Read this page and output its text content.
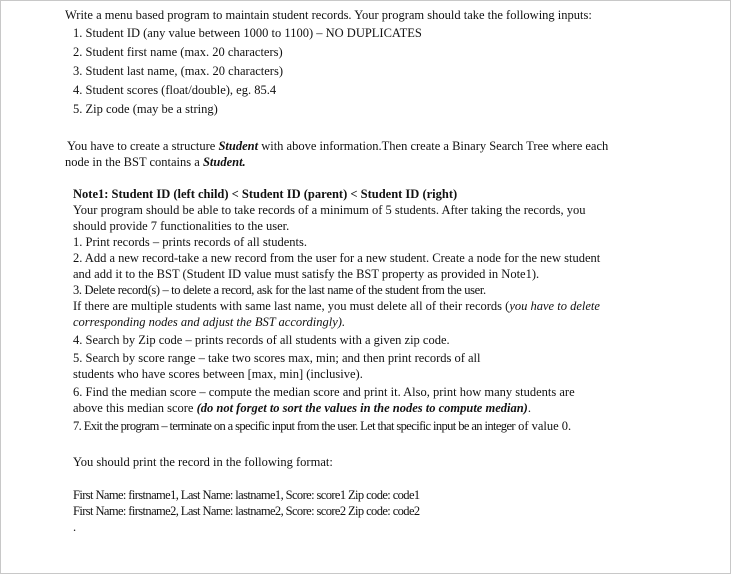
Write a menu based program to maintain student records. Your program should take the following inputs:
1. Student ID (any value between 1000 to 1100) – NO DUPLICATES
2. Student first name (max. 20 characters)
3. Student last name, (max. 20 characters)
4. Student scores (float/double), eg. 85.4
5. Zip code (may be a string)
You have to create a structure Student with above information.Then create a Binary Search Tree where each
node in the BST contains a Student.
Note1: Student ID (left child) < Student ID (parent) < Student ID (right)
Your program should be able to take records of a minimum of 5 students. After taking the records, you
should provide 7 functionalities to the user.
1. Print records – prints records of all students.
2. Add a new record-take a new record from the user for a new student. Create a node for the new student
and add it to the BST (Student ID value must satisfy the BST property as provided in Note1).
3. Delete record(s) – to delete a record, ask for the last name of the student from the user.
If there are multiple students with same last name, you must delete all of their records (you have to delete
corresponding nodes and adjust the BST accordingly).
4. Search by Zip code – prints records of all students with a given zip code.
5. Search by score range – take two scores max, min; and then print records of all
students who have scores between [max, min] (inclusive).
6. Find the median score – compute the median score and print it. Also, print how many students are
above this median score (do not forget to sort the values in the nodes to compute median).
7. Exit the program – terminate on a specific input from the user. Let that specific input be an integer of value 0.
You should print the record in the following format:
First Name: firstname1, Last Name: lastname1, Score: score1 Zip code: code1
First Name: firstname2, Last Name: lastname2, Score: score2 Zip code: code2
.
